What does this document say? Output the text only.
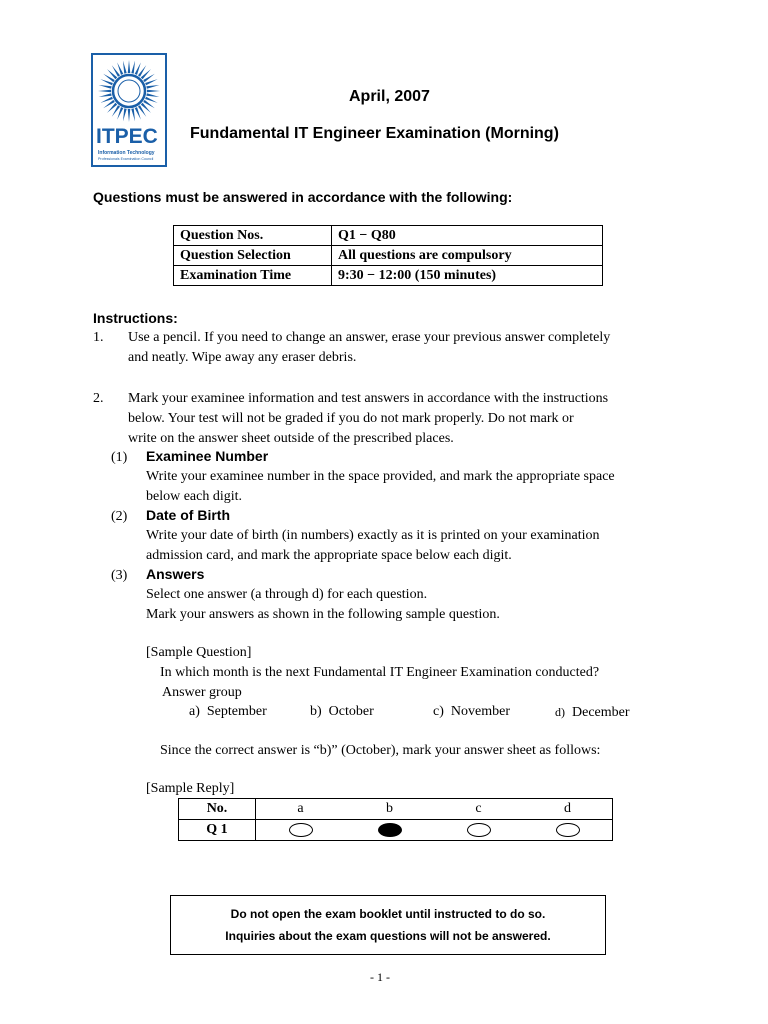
ITPEC
Information Technology
Professionals Examination Council
April, 2007
Fundamental IT Engineer Examination (Morning)
Questions must be answered in accordance with the following:
Question Nos.	Q1 − Q80
Question Selection	All questions are compulsory
Examination Time	9:30 − 12:00 (150 minutes)
Instructions:
1. Use a pencil. If you need to change an answer, erase your previous answer completely
and neatly. Wipe away any eraser debris.
2. Mark your examinee information and test answers in accordance with the instructions
below. Your test will not be graded if you do not mark properly. Do not mark or
write on the answer sheet outside of the prescribed places.
(1) Examinee Number
Write your examinee number in the space provided, and mark the appropriate space
below each digit.
(2) Date of Birth
Write your date of birth (in numbers) exactly as it is printed on your examination
admission card, and mark the appropriate space below each digit.
(3) Answers
Select one answer (a through d) for each question.
Mark your answers as shown in the following sample question.
[Sample Question]
In which month is the next Fundamental IT Engineer Examination conducted?
Answer group
a) September	b) October	c) November	d) December
Since the correct answer is “b)” (October), mark your answer sheet as follows:
[Sample Reply]
No.	a	b	c	d
Q 1				
Do not open the exam booklet until instructed to do so.
Inquiries about the exam questions will not be answered.
- 1 -
